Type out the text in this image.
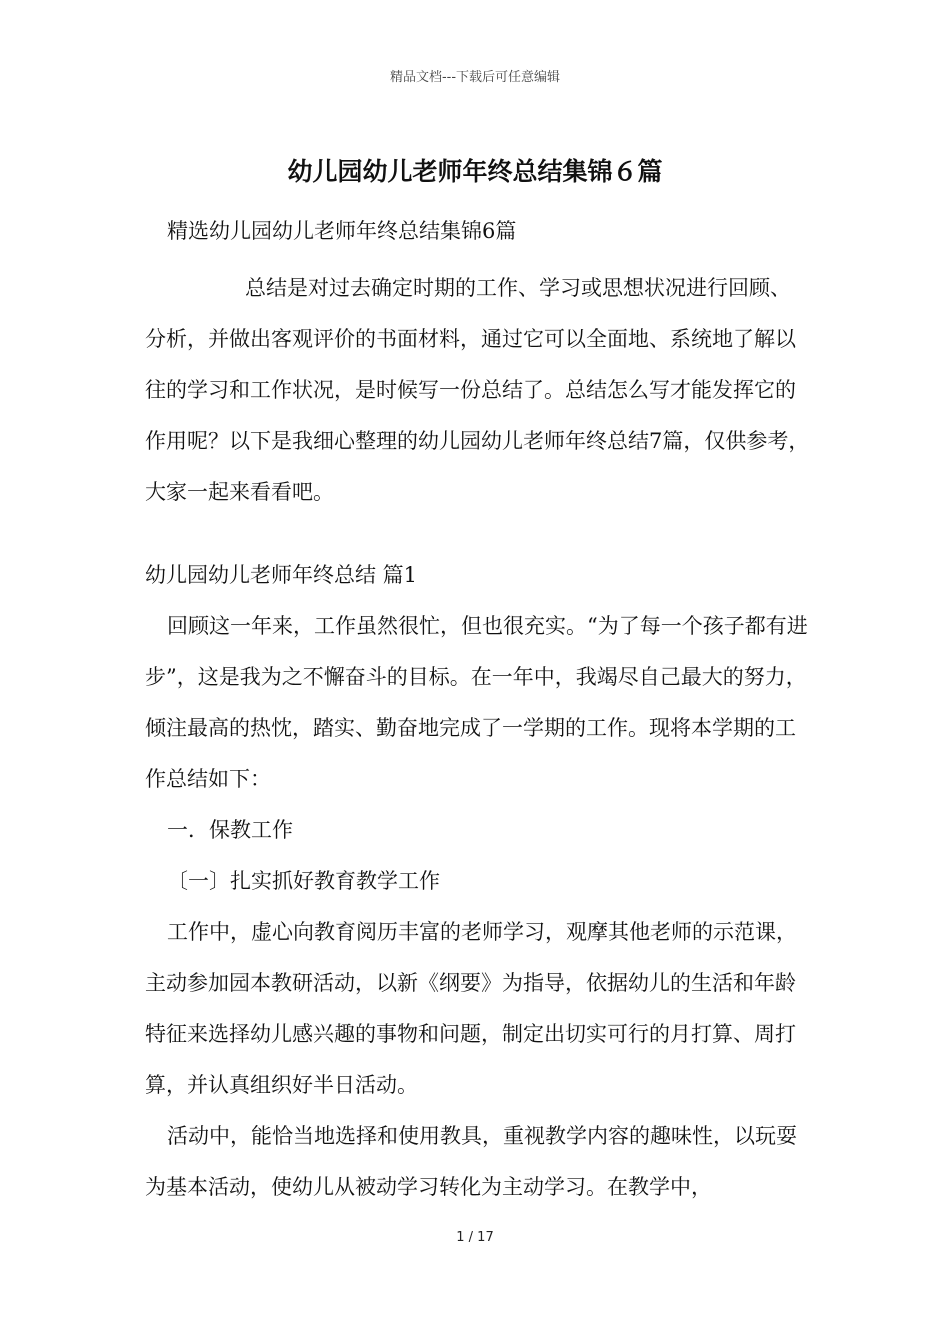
精品文档---下载后可任意编辑
幼儿园幼儿老师年终总结集锦６篇

精选幼儿园幼儿老师年终总结集锦6篇

总结是对过去确定时期的工作、学习或思想状况进行回顾、分析，并做出客观评价的书面材料，通过它可以全面地、系统地了解以往的学习和工作状况，是时候写一份总结了。总结怎么写才能发挥它的作用呢？以下是我细心整理的幼儿园幼儿老师年终总结7篇，仅供参考，大家一起来看看吧。

幼儿园幼儿老师年终总结 篇1

回顾这一年来，工作虽然很忙，但也很充实。“为了每一个孩子都有进步”，这是我为之不懈奋斗的目标。在一年中，我竭尽自己最大的努力，倾注最高的热忱，踏实、勤奋地完成了一学期的工作。现将本学期的工作总结如下：

一．保教工作

〔一〕扎实抓好教育教学工作

工作中，虚心向教育阅历丰富的老师学习，观摩其他老师的示范课，主动参加园本教研活动，以新《纲要》为指导，依据幼儿的生活和年龄特征来选择幼儿感兴趣的事物和问题，制定出切实可行的月打算、周打算，并认真组织好半日活动。

活动中，能恰当地选择和使用教具，重视教学内容的趣味性，以玩耍为基本活动，使幼儿从被动学习转化为主动学习。在教学中，

1 / 17
